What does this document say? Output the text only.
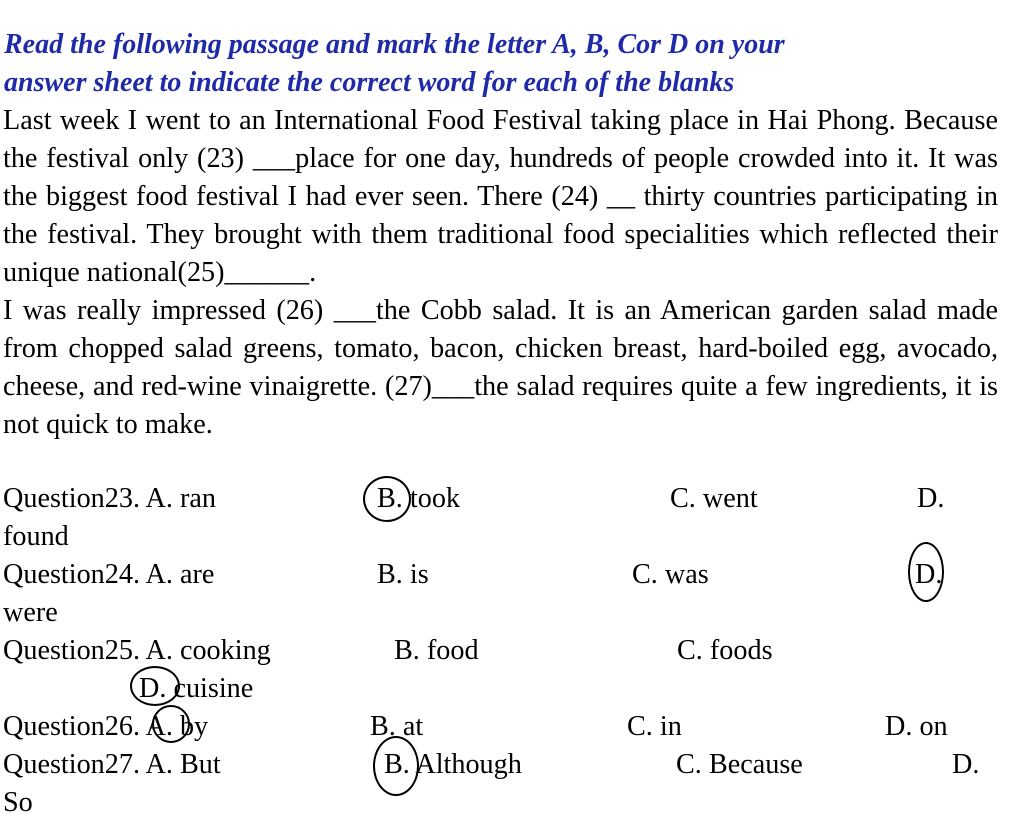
Read the following passage and mark the letter A, B, Cor D on your
answer sheet to indicate the correct word for each of the blanks

Last week I went to an International Food Festival taking place in Hai Phong. Because the festival only (23) ___place for one day, hundreds of people crowded into it. It was the biggest food festival I had ever seen. There (24) __ thirty countries participating in the festival. They brought with them traditional food specialities which reflected their unique national(25)______.

I was really impressed (26) ___the Cobb salad. It is an American garden salad made from chopped salad greens, tomato, bacon, chicken breast, hard-boiled egg, avocado, cheese, and red-wine vinaigrette. (27)___the salad requires quite a few ingredients, it is not quick to make.

Question23. A. ran	B. took	C. went	D.
found
Question24. A. are	B. is	C. was	D.
were
Question25. A. cooking	B. food	C. foods
D. cuisine
Question26. A. by	B. at	C. in	D. on
Question27. A. But	B. Although	C. Because	D.
So
